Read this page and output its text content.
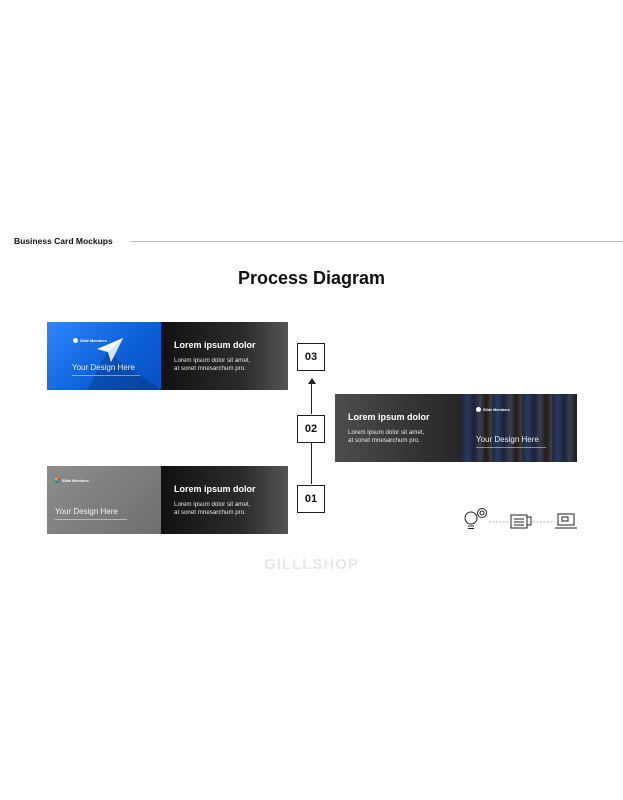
Business Card Mockups
Process Diagram
Slide Members
Your Design Here
Lorem ipsum dolor
Lorem ipsum dolor sit amet,
at sonet mnesarchum pro.
Lorem ipsum dolor
Lorem ipsum dolor sit amet,
at sonet mnesarchum pro.
Slide Members
Your Design Here
Slide Members
Your Design Here
Lorem ipsum dolor
Lorem ipsum dolor sit amet,
at sonet mnesarchum pro.
03
02
01
GILLLSHOP
